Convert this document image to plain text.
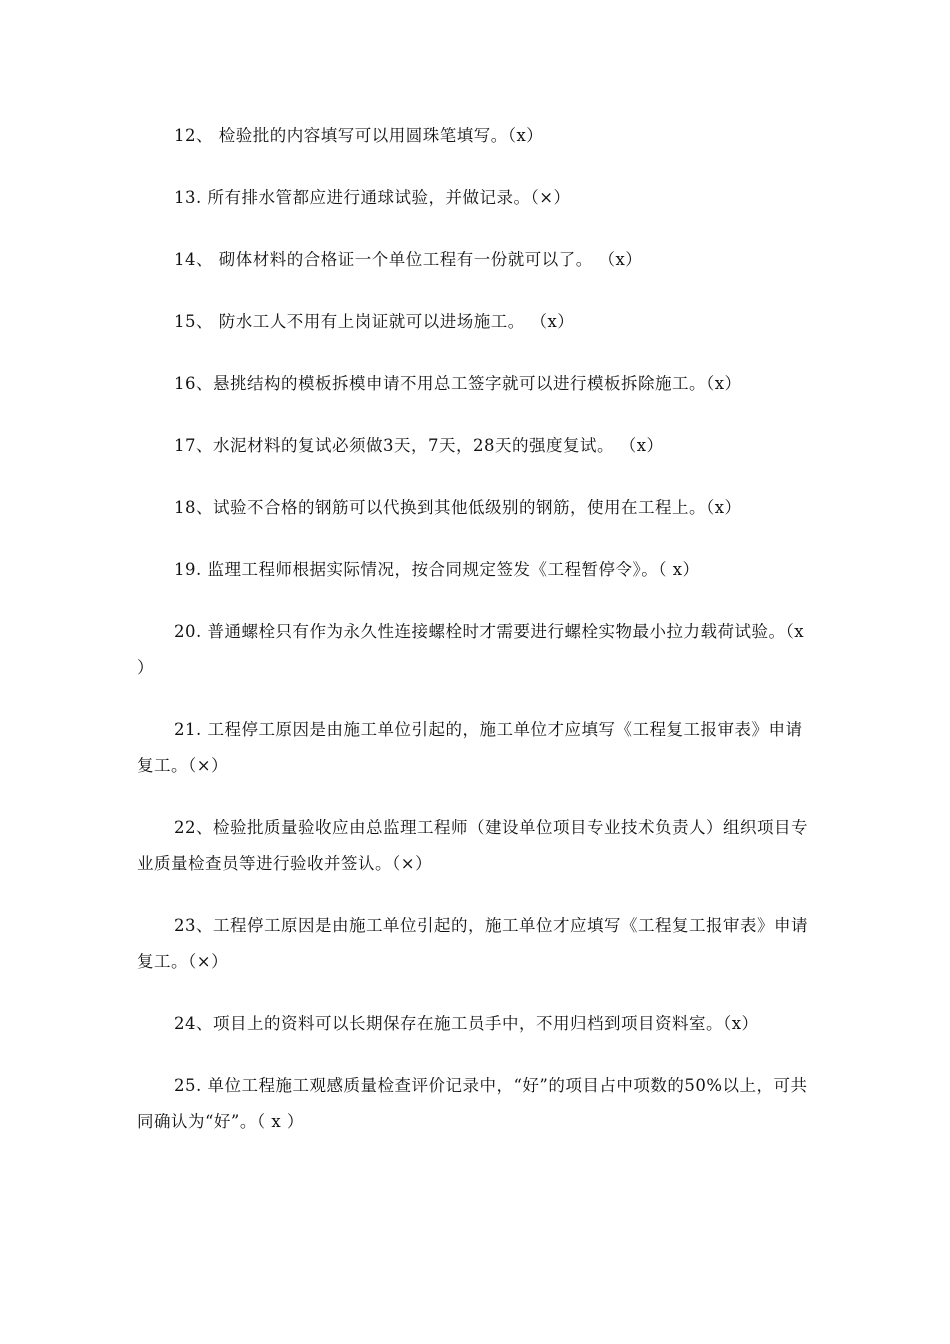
12、 检验批的内容填写可以用圆珠笔填写。（x）

13. 所有排水管都应进行通球试验，并做记录。（×）

14、 砌体材料的合格证一个单位工程有一份就可以了。 （x）

15、 防水工人不用有上岗证就可以进场施工。 （x）

16、悬挑结构的模板拆模申请不用总工签字就可以进行模板拆除施工。（x）

17、水泥材料的复试必须做3天，7天，28天的强度复试。 （x）

18、试验不合格的钢筋可以代换到其他低级别的钢筋，使用在工程上。（x）

19. 监理工程师根据实际情况，按合同规定签发《工程暂停令》。（ x）

20. 普通螺栓只有作为永久性连接螺栓时才需要进行螺栓实物最小拉力载荷试验。（x ）

21. 工程停工原因是由施工单位引起的，施工单位才应填写《工程复工报审表》申请复工。（×）

22、检验批质量验收应由总监理工程师（建设单位项目专业技术负责人）组织项目专业质量检查员等进行验收并签认。（×）

23、工程停工原因是由施工单位引起的，施工单位才应填写《工程复工报审表》申请复工。（×）

24、项目上的资料可以长期保存在施工员手中，不用归档到项目资料室。（x）

25. 单位工程施工观感质量检查评价记录中，“好”的项目占中项数的50%以上，可共同确认为“好”。（ x ）
